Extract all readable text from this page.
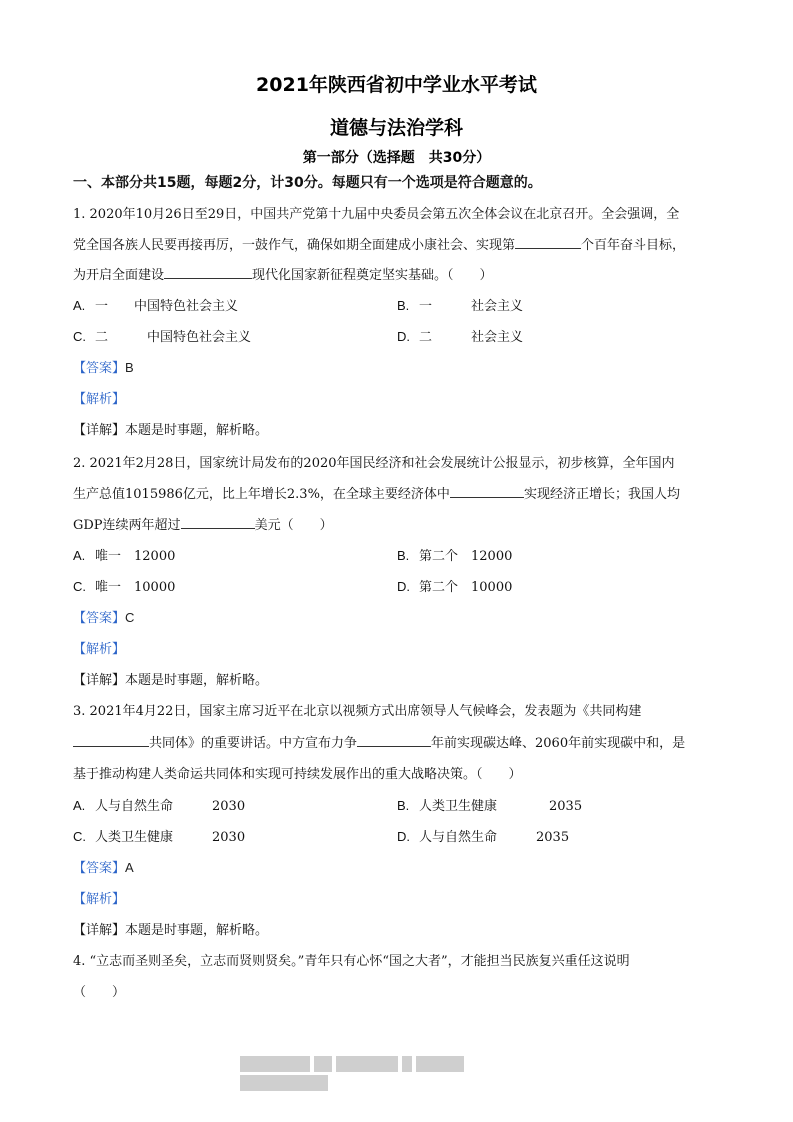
2021年陕西省初中学业水平考试
道德与法治学科
第一部分（选择题　共30分）
一、本部分共15题，每题2分，计30分。每题只有一个选项是符合题意的。
1. 2020年10月26日至29日，中国共产党第十九届中央委员会第五次全体会议在北京召开。全会强调，全
党全国各族人民要再接再厉，一鼓作气，确保如期全面建成小康社会、实现第	个百年奋斗目标，
为开启全面建设	现代化国家新征程奠定坚实基础。（　　）
A. 一　　中国特色社会主义	B. 一　　　社会主义
C. 二　　　中国特色社会主义	D. 二　　　社会主义
【答案】B
【解析】
【详解】本题是时事题，解析略。
2. 2021年2月28日，国家统计局发布的2020年国民经济和社会发展统计公报显示，初步核算，全年国内
生产总值1015986亿元，比上年增长2.3%，在全球主要经济体中	实现经济正增长；我国人均
GDP连续两年超过	美元（　　）
A. 唯一　12000	B. 第二个　12000
C. 唯一　10000	D. 第二个　10000
【答案】C
【解析】
【详解】本题是时事题，解析略。
3. 2021年4月22日，国家主席习近平在北京以视频方式出席领导人气候峰会，发表题为《共同构建
共同体》的重要讲话。中方宣布力争	年前实现碳达峰、2060年前实现碳中和，是
基于推动构建人类命运共同体和实现可持续发展作出的重大战略决策。（　　）
A. 人与自然生命　　　2030	B. 人类卫生健康　　　　2035
C. 人类卫生健康　　　2030	D. 人与自然生命　　　2035
【答案】A
【解析】
【详解】本题是时事题，解析略。
4. “立志而圣则圣矣，立志而贤则贤矣。”青年只有心怀“国之大者”，才能担当民族复兴重任这说明
（　　）
